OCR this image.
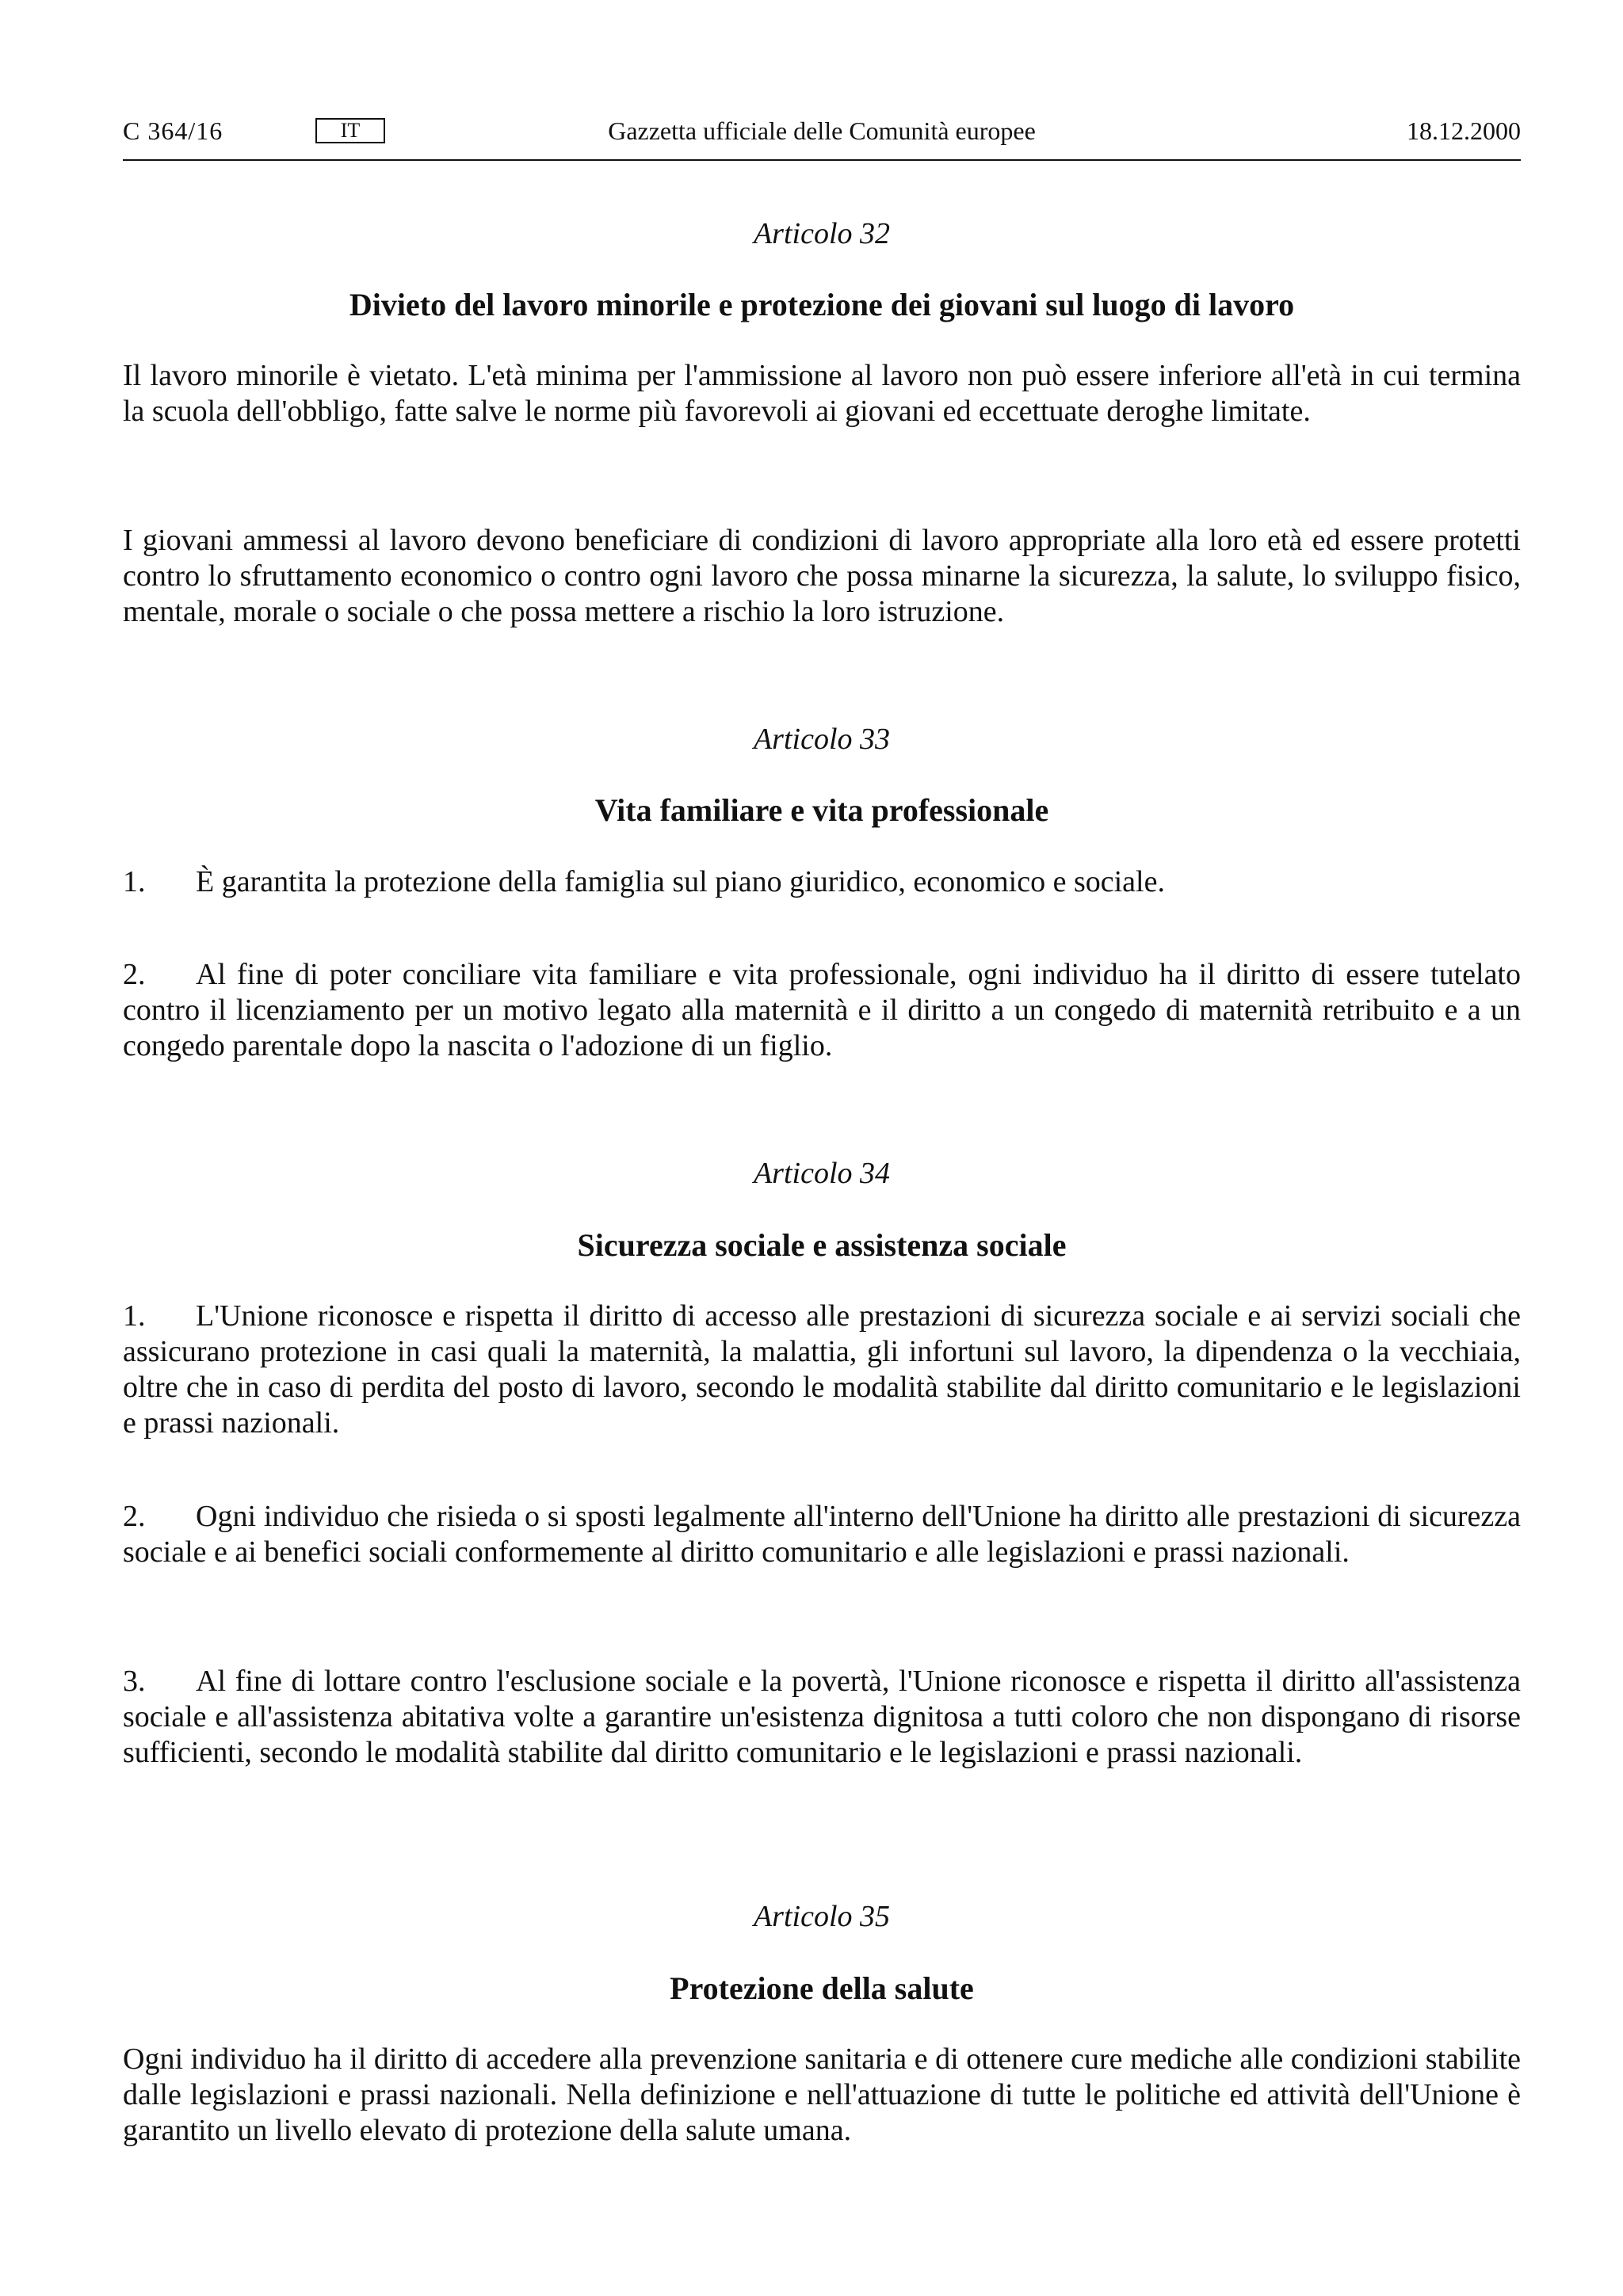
C 364/16	IT	Gazzetta ufficiale delle Comunità europee	18.12.2000
Articolo 32
Divieto del lavoro minorile e protezione dei giovani sul luogo di lavoro

Il lavoro minorile è vietato. L'età minima per l'ammissione al lavoro non può essere inferiore all'età in cui termina la scuola dell'obbligo, fatte salve le norme più favorevoli ai giovani ed eccettuate deroghe limitate.

I giovani ammessi al lavoro devono beneficiare di condizioni di lavoro appropriate alla loro età ed essere protetti contro lo sfruttamento economico o contro ogni lavoro che possa minarne la sicurezza, la salute, lo sviluppo fisico, mentale, morale o sociale o che possa mettere a rischio la loro istruzione.

Articolo 33
Vita familiare e vita professionale

1. È garantita la protezione della famiglia sul piano giuridico, economico e sociale.

2. Al fine di poter conciliare vita familiare e vita professionale, ogni individuo ha il diritto di essere tutelato contro il licenziamento per un motivo legato alla maternità e il diritto a un congedo di maternità retribuito e a un congedo parentale dopo la nascita o l'adozione di un figlio.

Articolo 34
Sicurezza sociale e assistenza sociale

1. L'Unione riconosce e rispetta il diritto di accesso alle prestazioni di sicurezza sociale e ai servizi sociali che assicurano protezione in casi quali la maternità, la malattia, gli infortuni sul lavoro, la dipendenza o la vecchiaia, oltre che in caso di perdita del posto di lavoro, secondo le modalità stabilite dal diritto comunitario e le legislazioni e prassi nazionali.

2. Ogni individuo che risieda o si sposti legalmente all'interno dell'Unione ha diritto alle prestazioni di sicurezza sociale e ai benefici sociali conformemente al diritto comunitario e alle legislazioni e prassi nazionali.

3. Al fine di lottare contro l'esclusione sociale e la povertà, l'Unione riconosce e rispetta il diritto all'assistenza sociale e all'assistenza abitativa volte a garantire un'esistenza dignitosa a tutti coloro che non dispongano di risorse sufficienti, secondo le modalità stabilite dal diritto comunitario e le legislazioni e prassi nazionali.

Articolo 35
Protezione della salute

Ogni individuo ha il diritto di accedere alla prevenzione sanitaria e di ottenere cure mediche alle condizioni stabilite dalle legislazioni e prassi nazionali. Nella definizione e nell'attuazione di tutte le politiche ed attività dell'Unione è garantito un livello elevato di protezione della salute umana.
